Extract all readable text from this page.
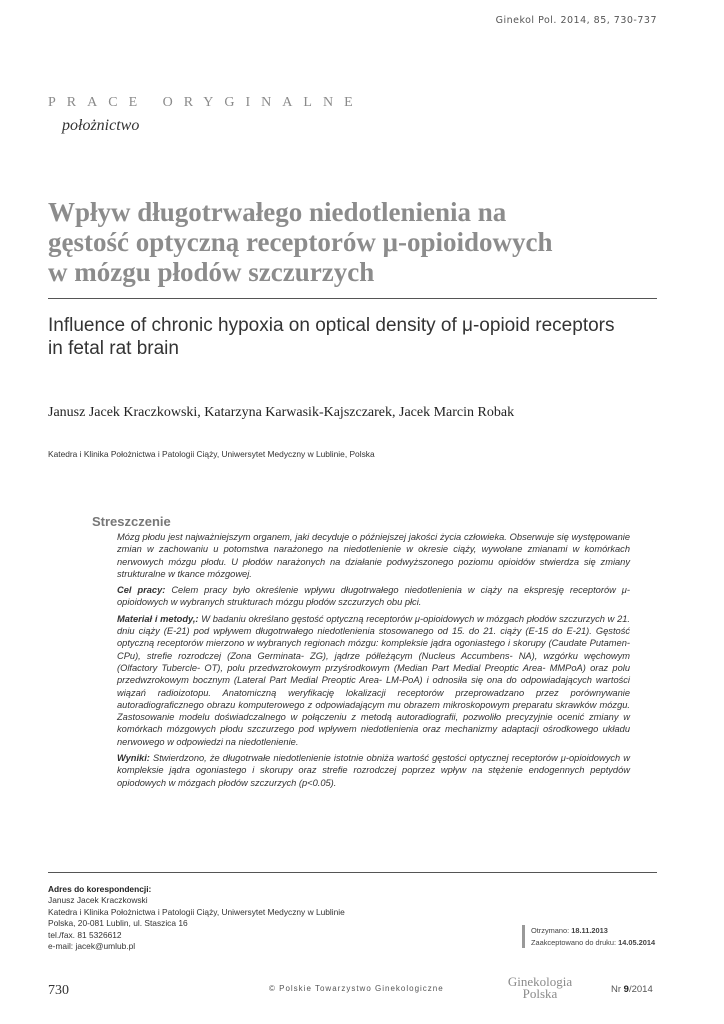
Ginekol Pol. 2014, 85, 730-737
PRACE ORYGINALNE
położnictwo
Wpływ długotrwałego niedotlenienia na
gęstość optyczną receptorów μ-opioidowych
w mózgu płodów szczurzych
Influence of chronic hypoxia on optical density of μ-opioid receptors
in fetal rat brain
Janusz Jacek Kraczkowski, Katarzyna Karwasik-Kajszczarek, Jacek Marcin Robak
Katedra i Klinika Położnictwa i Patologii Ciąży, Uniwersytet Medyczny w Lublinie, Polska
Streszczenie

Mózg płodu jest najważniejszym organem, jaki decyduje o późniejszej jakości życia człowieka. Obserwuje się występowanie zmian w zachowaniu u potomstwa narażonego na niedotlenienie w okresie ciąży, wywołane zmianami w komórkach nerwowych mózgu płodu. U płodów narażonych na działanie podwyższonego poziomu opioidów stwierdza się zmiany strukturalne w tkance mózgowej.

Cel pracy: Celem pracy było określenie wpływu długotrwałego niedotlenienia w ciąży na ekspresję receptorów μ-opioidowych w wybranych strukturach mózgu płodów szczurzych obu płci.

Materiał i metody,: W badaniu określano gęstość optyczną receptorów μ-opioidowych w mózgach płodów szczurzych w 21. dniu ciąży (E-21) pod wpływem długotrwałego niedotlenienia stosowanego od 15. do 21. ciąży (E-15 do E-21). Gęstość optyczną receptorów mierzono w wybranych regionach mózgu: kompleksie jądra ogoniastego i skorupy (Caudate Putamen- CPu), strefie rozrodczej (Zona Germinata- ZG), jądrze półleżącym (Nucleus Accumbens- NA), wzgórku węchowym (Olfactory Tubercle- OT), polu przedwzrokowym przyśrodkowym (Median Part Medial Preoptic Area- MMPoA) oraz polu przedwzrokowym bocznym (Lateral Part Medial Preoptic Area- LM-PoA) i odnosiła się ona do odpowiadających wartości wiązań radioizotopu. Anatomiczną weryfikację lokalizacji receptorów przeprowadzano przez porównywanie autoradiograficznego obrazu komputerowego z odpowiadającym mu obrazem mikroskopowym preparatu skrawków mózgu. Zastosowanie modelu doświadczalnego w połączeniu z metodą autoradiografii, pozwoliło precyzyjnie ocenić zmiany w komórkach mózgowych płodu szczurzego pod wpływem niedotlenienia oraz mechanizmy adaptacji ośrodkowego układu nerwowego w odpowiedzi na niedotlenienie.

Wyniki: Stwierdzono, że długotrwałe niedotlenienie istotnie obniża wartość gęstości optycznej receptorów μ-opioidowych w kompleksie jądra ogoniastego i skorupy oraz strefie rozrodczej poprzez wpływ na stężenie endogennych peptydów opiodowych w mózgach płodów szczurzych (p<0.05).

Adres do korespondencji:
Janusz Jacek Kraczkowski
Katedra i Klinika Położnictwa i Patologii Ciąży, Uniwersytet Medyczny w Lublinie
Polska, 20-081 Lublin, ul. Staszica 16
tel./fax. 81 5326612
e-mail: jacek@umlub.pl
Otrzymano: 18.11.2013
Zaakceptowano do druku: 14.05.2014
730	© Polskie Towarzystwo Ginekologiczne	Ginekologia
Polska	Nr 9/2014
